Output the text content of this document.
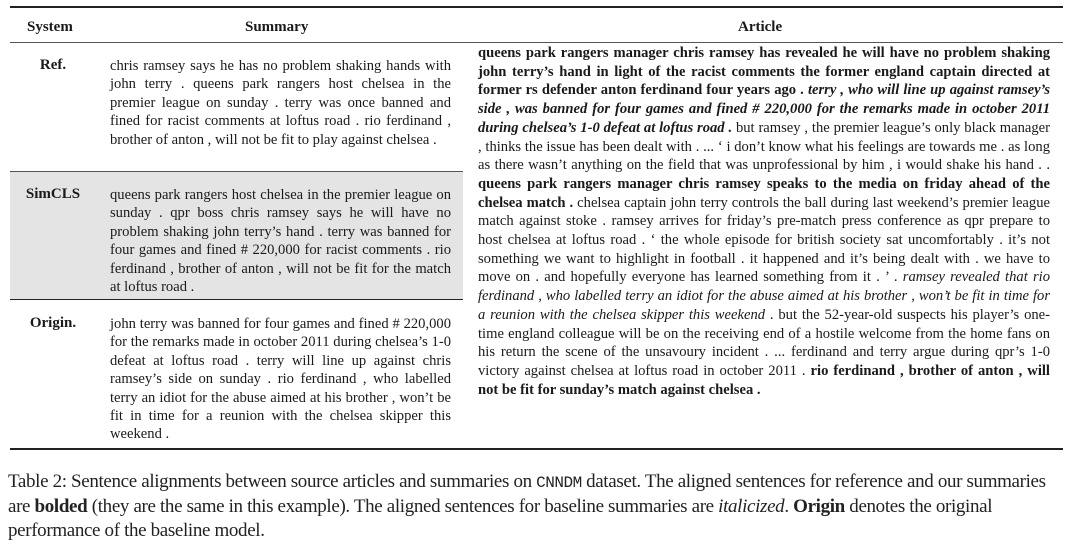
System	Summary	Article
Ref.	chris ramsey says he has no problem shaking hands with john terry . queens park rangers host chelsea in the premier league on sunday . terry was once banned and fined for racist comments at loftus road . rio ferdinand , brother of anton , will not be fit to play against chelsea .
SimCLS	queens park rangers host chelsea in the premier league on sunday . qpr boss chris ramsey says he will have no problem shaking john terry’s hand . terry was banned for four games and fined # 220,000 for racist comments . rio ferdinand , brother of anton , will not be fit for the match at loftus road .
Origin.	john terry was banned for four games and fined # 220,000 for the remarks made in october 2011 during chelsea’s 1-0 defeat at loftus road . terry will line up against chris ramsey’s side on sunday . rio ferdinand , who labelled terry an idiot for the abuse aimed at his brother , won’t be fit in time for a reunion with the chelsea skipper this weekend .
queens park rangers manager chris ramsey has revealed he will have no problem shaking john terry’s hand in light of the racist comments the former england captain directed at former rs defender anton ferdinand four years ago . terry , who will line up against ramsey’s side , was banned for four games and fined # 220,000 for the remarks made in october 2011 during chelsea’s 1-0 defeat at loftus road . but ramsey , the premier league’s only black manager , thinks the issue has been dealt with . ... ‘ i don’t know what his feelings are towards me . as long as there wasn’t anything on the field that was unprofessional by him , i would shake his hand . . queens park rangers manager chris ramsey speaks to the media on friday ahead of the chelsea match . chelsea captain john terry controls the ball during last weekend’s premier league match against stoke . ramsey arrives for friday’s pre-match press conference as qpr prepare to host chelsea at loftus road . ‘ the whole episode for british society sat uncomfortably . it’s not something we want to highlight in football . it happened and it’s being dealt with . we have to move on . and hopefully everyone has learned something from it . ’ . ramsey revealed that rio ferdinand , who labelled terry an idiot for the abuse aimed at his brother , won’t be fit in time for a reunion with the chelsea skipper this weekend . but the 52-year-old suspects his player’s one-time england colleague will be on the receiving end of a hostile welcome from the home fans on his return the scene of the unsavoury incident . ... ferdinand and terry argue during qpr’s 1-0 victory against chelsea at loftus road in october 2011 . rio ferdinand , brother of anton , will not be fit for sunday’s match against chelsea .
Table 2: Sentence alignments between source articles and summaries on CNNDM dataset. The aligned sentences for reference and our summaries are bolded (they are the same in this example). The aligned sentences for baseline summaries are italicized. Origin denotes the original performance of the baseline model.
